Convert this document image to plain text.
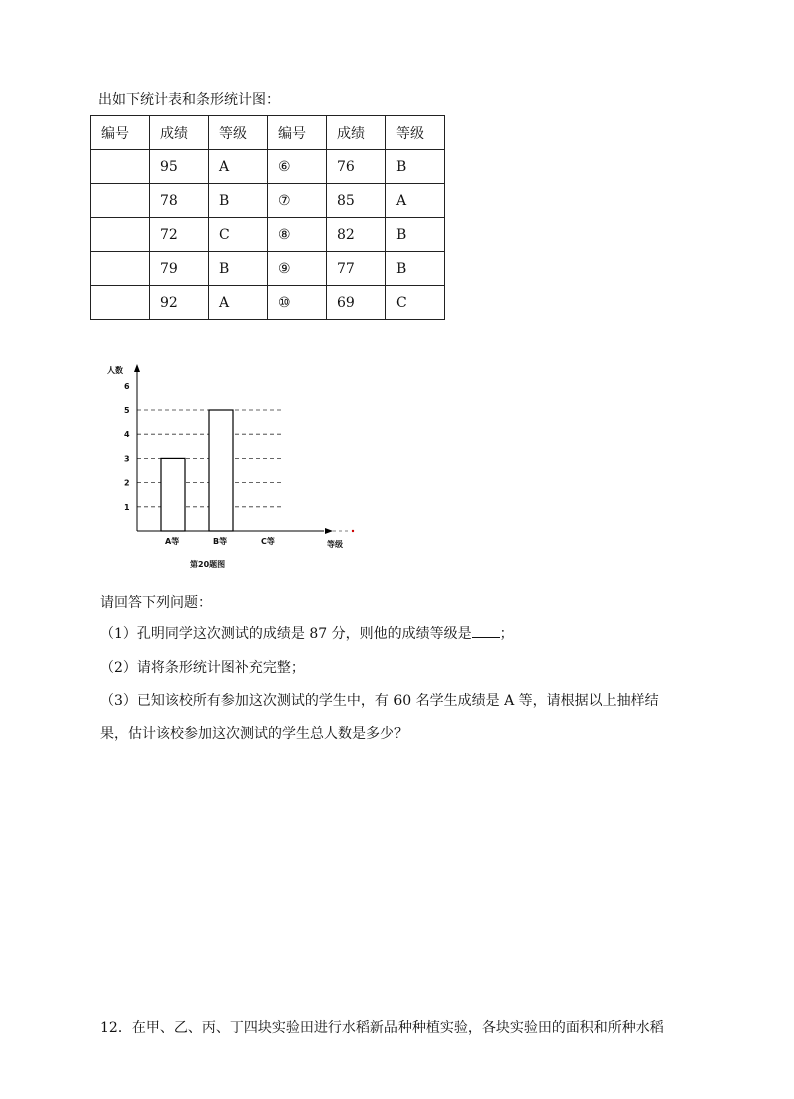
出如下统计表和条形统计图：
编号	成绩	等级	编号	成绩	等级
	95	A	⑥	76	B
	78	B	⑦	85	A
	72	C	⑧	82	B
	79	B	⑨	77	B
	92	A	⑩	69	C
人数
1
2
3
4
5
6
A等	B等	C等	等级
第20题图
请回答下列问题：
（1）孔明同学这次测试的成绩是 87 分，则他的成绩等级是 ；
（2）请将条形统计图补充完整；
（3）已知该校所有参加这次测试的学生中，有 60 名学生成绩是 A 等，请根据以上抽样结
果，估计该校参加这次测试的学生总人数是多少？
12．在甲、乙、丙、丁四块实验田进行水稻新品种种植实验，各块实验田的面积和所种水稻
